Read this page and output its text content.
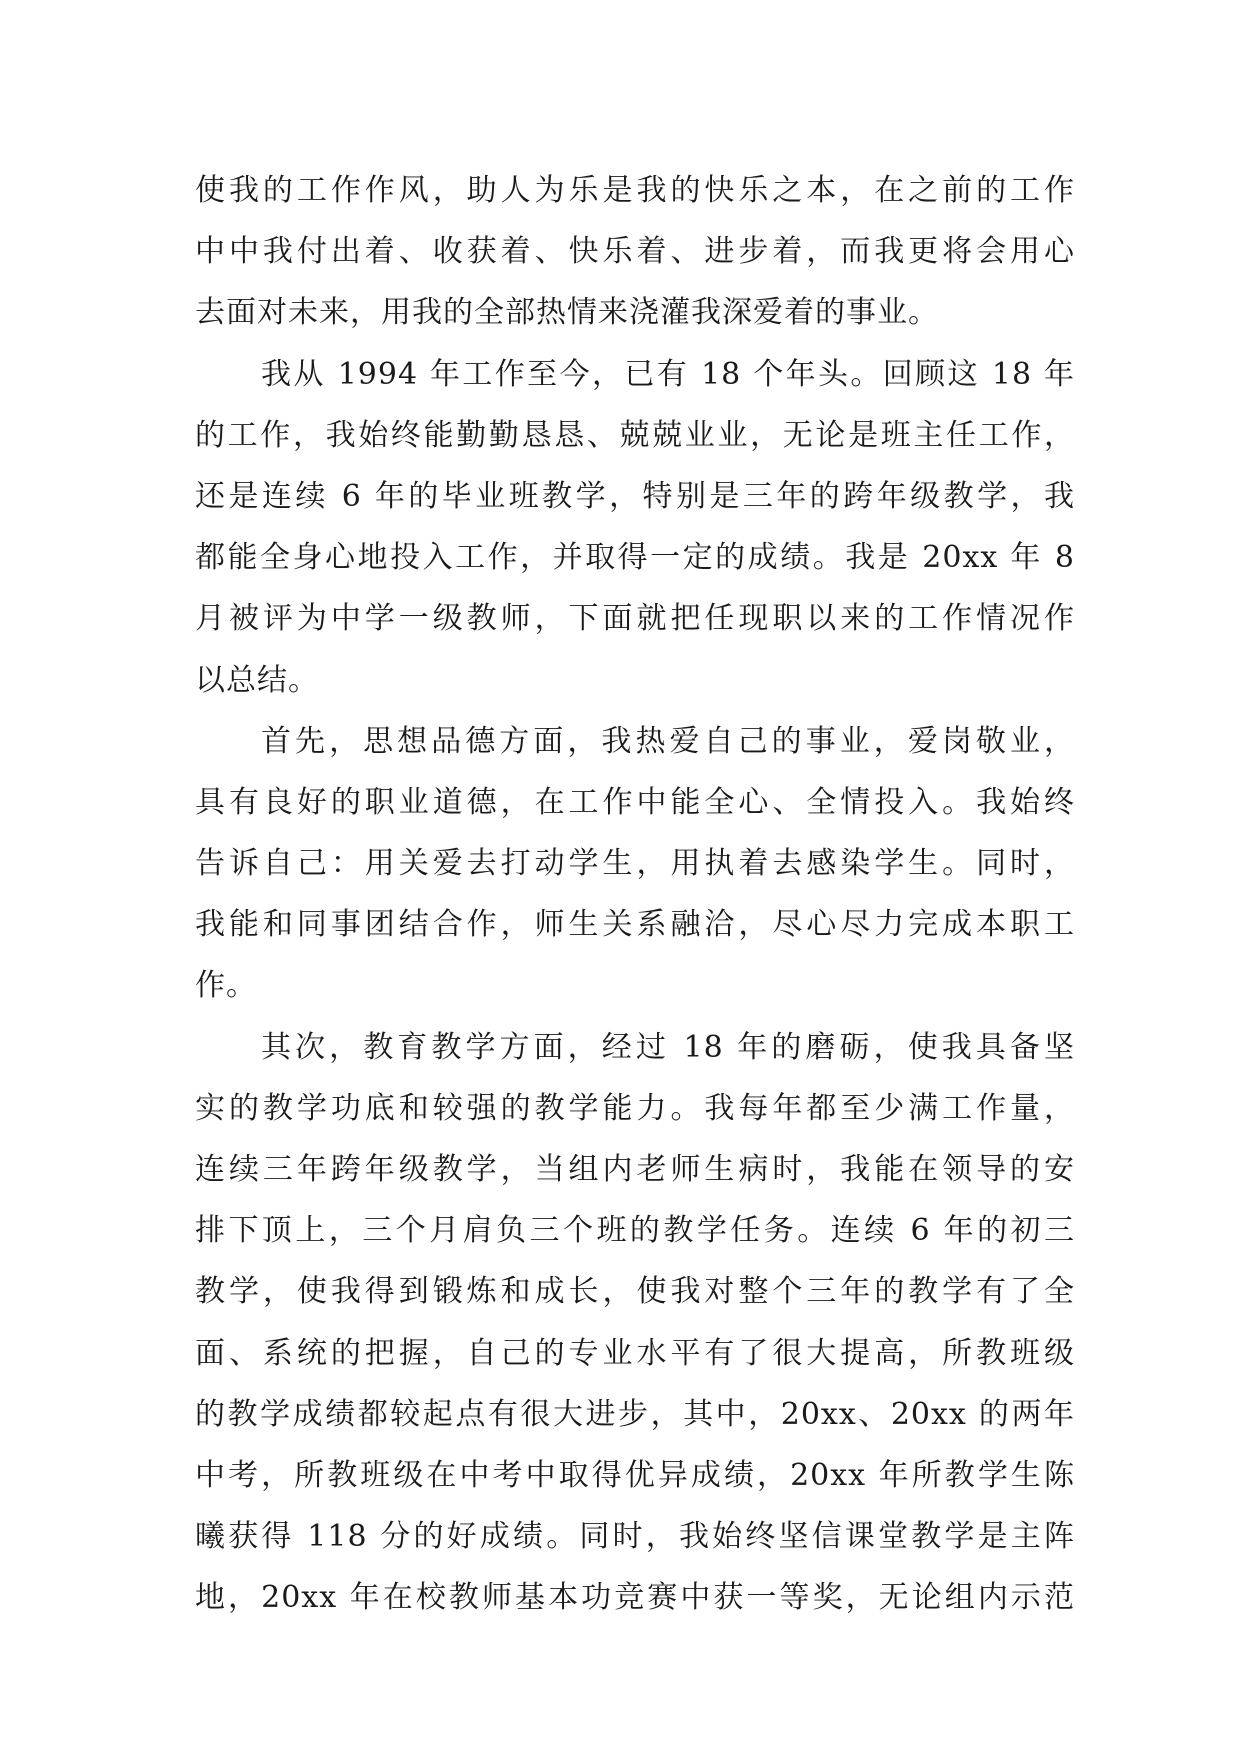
使我的工作作风，助人为乐是我的快乐之本，在之前的工作
中中我付出着、收获着、快乐着、进步着，而我更将会用心
去面对未来，用我的全部热情来浇灌我深爱着的事业。
我从 1994 年工作至今，已有 18 个年头。回顾这 18 年
的工作，我始终能勤勤恳恳、兢兢业业，无论是班主任工作，
还是连续 6 年的毕业班教学，特别是三年的跨年级教学，我
都能全身心地投入工作，并取得一定的成绩。我是 20xx 年 8
月被评为中学一级教师，下面就把任现职以来的工作情况作
以总结。
首先，思想品德方面，我热爱自己的事业，爱岗敬业，
具有良好的职业道德，在工作中能全心、全情投入。我始终
告诉自己：用关爱去打动学生，用执着去感染学生。同时，
我能和同事团结合作，师生关系融洽，尽心尽力完成本职工
作。
其次，教育教学方面，经过 18 年的磨砺，使我具备坚
实的教学功底和较强的教学能力。我每年都至少满工作量，
连续三年跨年级教学，当组内老师生病时，我能在领导的安
排下顶上，三个月肩负三个班的教学任务。连续 6 年的初三
教学，使我得到锻炼和成长，使我对整个三年的教学有了全
面、系统的把握，自己的专业水平有了很大提高，所教班级
的教学成绩都较起点有很大进步，其中，20xx、20xx 的两年
中考，所教班级在中考中取得优异成绩，20xx 年所教学生陈
曦获得 118 分的好成绩。同时，我始终坚信课堂教学是主阵
地，20xx 年在校教师基本功竞赛中获一等奖，无论组内示范
